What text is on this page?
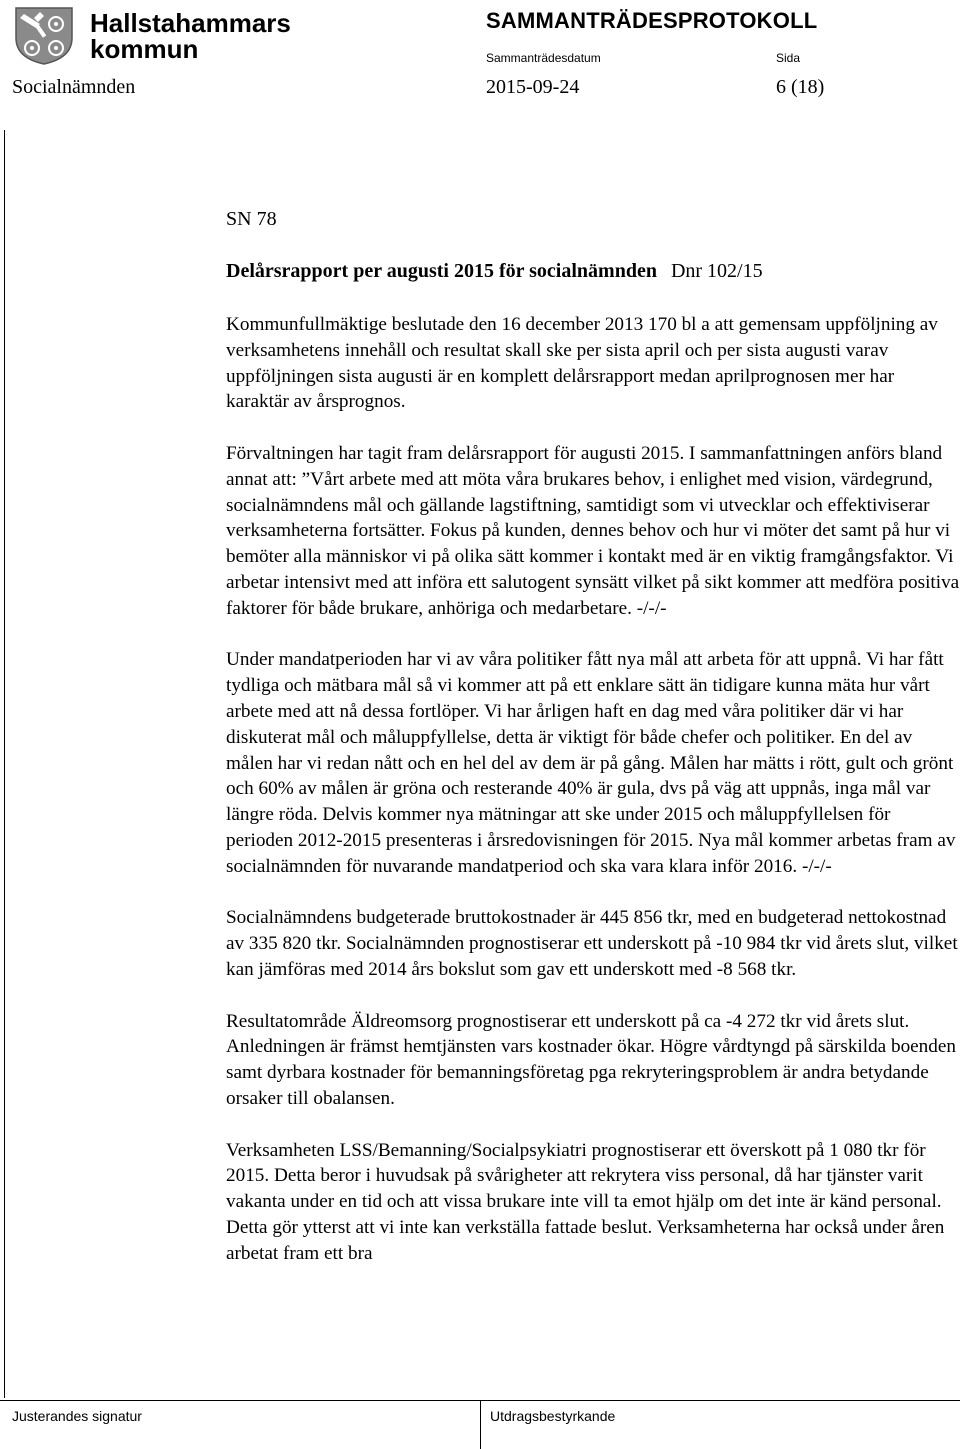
Hallstahammars
kommun
SAMMANTRÄDESPROTOKOLL
Sammanträdesdatum	Sida
Socialnämnden	2015-09-24	6 (18)
SN 78
Delårsrapport per augusti 2015 för socialnämnden Dnr 102/15

Kommunfullmäktige beslutade den 16 december 2013 170 bl a att gemensam uppföljning av verksamhetens innehåll och resultat skall ske per sista april och per sista augusti varav uppföljningen sista augusti är en komplett delårsrapport medan aprilprognosen mer har karaktär av årsprognos.

Förvaltningen har tagit fram delårsrapport för augusti 2015. I sammanfattningen anförs bland annat att: ”Vårt arbete med att möta våra brukares behov, i enlighet med vision, värdegrund, socialnämndens mål och gällande lagstiftning, samtidigt som vi utvecklar och effektiviserar verksamheterna fortsätter. Fokus på kunden, dennes behov och hur vi möter det samt på hur vi bemöter alla människor vi på olika sätt kommer i kontakt med är en viktig framgångsfaktor. Vi arbetar intensivt med att införa ett salutogent synsätt vilket på sikt kommer att medföra positiva faktorer för både brukare, anhöriga och medarbetare. -/-/-

Under mandatperioden har vi av våra politiker fått nya mål att arbeta för att uppnå. Vi har fått tydliga och mätbara mål så vi kommer att på ett enklare sätt än tidigare kunna mäta hur vårt arbete med att nå dessa fortlöper. Vi har årligen haft en dag med våra politiker där vi har diskuterat mål och måluppfyllelse, detta är viktigt för både chefer och politiker. En del av målen har vi redan nått och en hel del av dem är på gång. Målen har mätts i rött, gult och grönt och 60% av målen är gröna och resterande 40% är gula, dvs på väg att uppnås, inga mål var längre röda. Delvis kommer nya mätningar att ske under 2015 och måluppfyllelsen för perioden 2012-2015 presenteras i årsredovisningen för 2015. Nya mål kommer arbetas fram av socialnämnden för nuvarande mandatperiod och ska vara klara inför 2016. -/-/-

Socialnämndens budgeterade bruttokostnader är 445 856 tkr, med en budgeterad nettokostnad av 335 820 tkr. Socialnämnden prognostiserar ett underskott på -10 984 tkr vid årets slut, vilket kan jämföras med 2014 års bokslut som gav ett underskott med -8 568 tkr.

Resultatområde Äldreomsorg prognostiserar ett underskott på ca -4 272 tkr vid årets slut. Anledningen är främst hemtjänsten vars kostnader ökar. Högre vårdtyngd på särskilda boenden samt dyrbara kostnader för bemanningsföretag pga rekryteringsproblem är andra betydande orsaker till obalansen.

Verksamheten LSS/Bemanning/Socialpsykiatri prognostiserar ett överskott på 1 080 tkr för 2015. Detta beror i huvudsak på svårigheter att rekrytera viss personal, då har tjänster varit vakanta under en tid och att vissa brukare inte vill ta emot hjälp om det inte är känd personal. Detta gör ytterst att vi inte kan verkställa fattade beslut. Verksamheterna har också under åren arbetat fram ett bra

Justerandes signatur	Utdragsbestyrkande
